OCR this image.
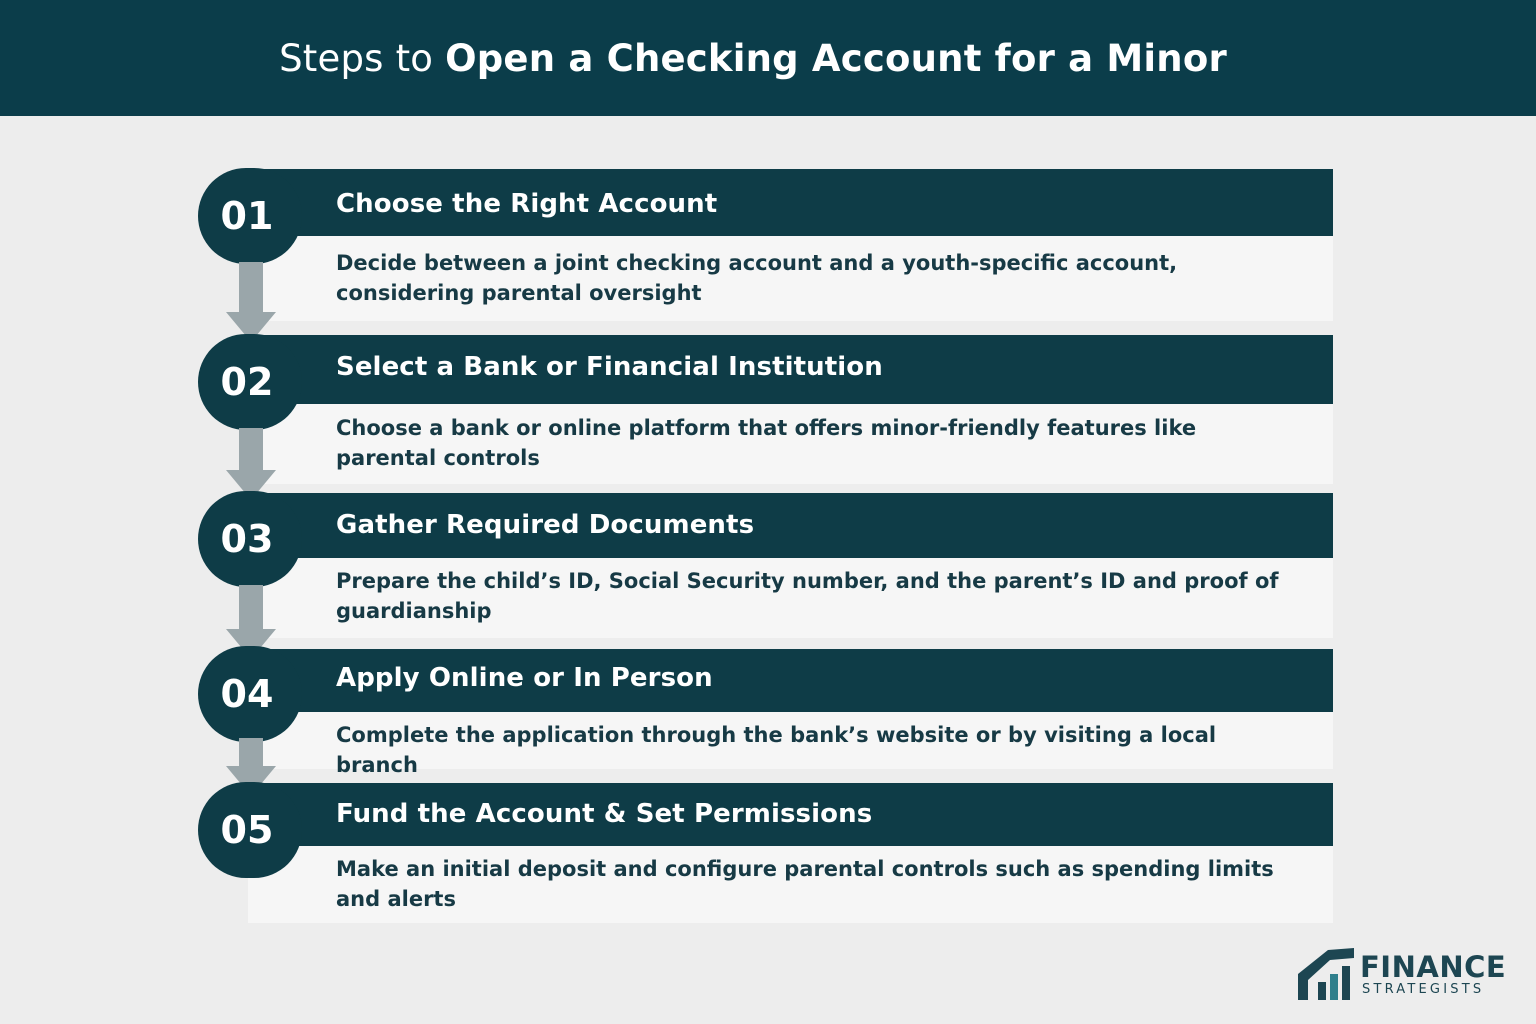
Steps to Open a Checking Account for a Minor
Choose the Right Account
Decide between a joint checking account and a youth-specific account, considering parental oversight
01
Select a Bank or Financial Institution
Choose a bank or online platform that offers minor-friendly features like parental controls
02
Gather Required Documents
Prepare the child’s ID, Social Security number, and the parent’s ID and proof of guardianship
03
Apply Online or In Person
Complete the application through the bank’s website or by visiting a local branch
04
Fund the Account & Set Permissions
Make an initial deposit and configure parental controls such as spending limits and alerts
05
FINANCE
STRATEGISTS
